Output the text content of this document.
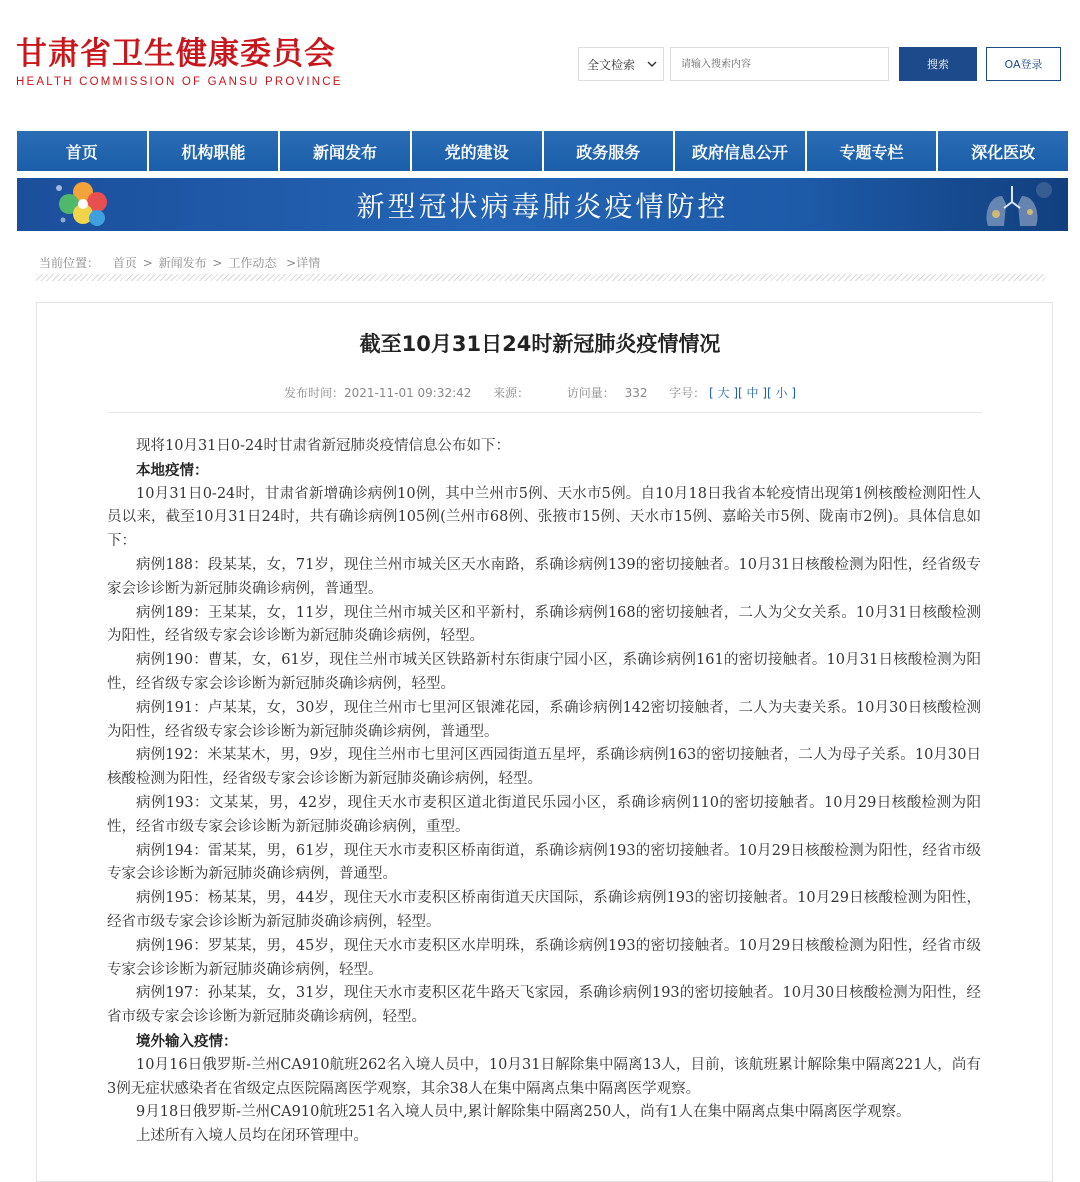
甘肃省卫生健康委员会
HEALTH COMMISSION OF GANSU PROVINCE
全文检索
请输入搜索内容	搜索	OA登录
首页	机构职能	新闻发布	党的建设	政务服务	政府信息公开	专题专栏	深化医改
新型冠状病毒肺炎疫情防控
当前位置： 首页 > 新闻发布 > 工作动态 >详情
截至10月31日24时新冠肺炎疫情情况
发布时间：2021-11-01 09:32:42 来源：	访问量： 332 字号： [ 大 ][ 中 ][ 小 ]

现将10月31日0-24时甘肃省新冠肺炎疫情信息公布如下：

本地疫情：

10月31日0-24时，甘肃省新增确诊病例10例，其中兰州市5例、天水市5例。自10月18日我省本轮疫情出现第1例核酸检测阳性人员以来，截至10月31日24时，共有确诊病例105例(兰州市68例、张掖市15例、天水市15例、嘉峪关市5例、陇南市2例)。具体信息如下：

病例188：段某某，女，71岁，现住兰州市城关区天水南路，系确诊病例139的密切接触者。10月31日核酸检测为阳性，经省级专家会诊诊断为新冠肺炎确诊病例，普通型。

病例189：王某某，女，11岁，现住兰州市城关区和平新村，系确诊病例168的密切接触者，二人为父女关系。10月31日核酸检测为阳性，经省级专家会诊诊断为新冠肺炎确诊病例，轻型。

病例190：曹某，女，61岁，现住兰州市城关区铁路新村东街康宁园小区，系确诊病例161的密切接触者。10月31日核酸检测为阳性，经省级专家会诊诊断为新冠肺炎确诊病例，轻型。

病例191：卢某某，女，30岁，现住兰州市七里河区银滩花园，系确诊病例142密切接触者，二人为夫妻关系。10月30日核酸检测为阳性，经省级专家会诊诊断为新冠肺炎确诊病例，普通型。

病例192：米某某木，男，9岁，现住兰州市七里河区西园街道五星坪，系确诊病例163的密切接触者，二人为母子关系。10月30日核酸检测为阳性，经省级专家会诊诊断为新冠肺炎确诊病例，轻型。

病例193：文某某，男，42岁，现住天水市麦积区道北街道民乐园小区，系确诊病例110的密切接触者。10月29日核酸检测为阳性，经省市级专家会诊诊断为新冠肺炎确诊病例，重型。

病例194：雷某某，男，61岁，现住天水市麦积区桥南街道，系确诊病例193的密切接触者。10月29日核酸检测为阳性，经省市级专家会诊诊断为新冠肺炎确诊病例，普通型。

病例195：杨某某，男，44岁，现住天水市麦积区桥南街道天庆国际，系确诊病例193的密切接触者。10月29日核酸检测为阳性，经省市级专家会诊诊断为新冠肺炎确诊病例，轻型。

病例196：罗某某，男，45岁，现住天水市麦积区水岸明珠，系确诊病例193的密切接触者。10月29日核酸检测为阳性，经省市级专家会诊诊断为新冠肺炎确诊病例，轻型。

病例197：孙某某，女，31岁，现住天水市麦积区花牛路天飞家园，系确诊病例193的密切接触者。10月30日核酸检测为阳性，经省市级专家会诊诊断为新冠肺炎确诊病例，轻型。

境外输入疫情：

10月16日俄罗斯-兰州CA910航班262名入境人员中，10月31日解除集中隔离13人，目前，该航班累计解除集中隔离221人，尚有3例无症状感染者在省级定点医院隔离医学观察，其余38人在集中隔离点集中隔离医学观察。

9月18日俄罗斯-兰州CA910航班251名入境人员中,累计解除集中隔离250人，尚有1人在集中隔离点集中隔离医学观察。

上述所有入境人员均在闭环管理中。
